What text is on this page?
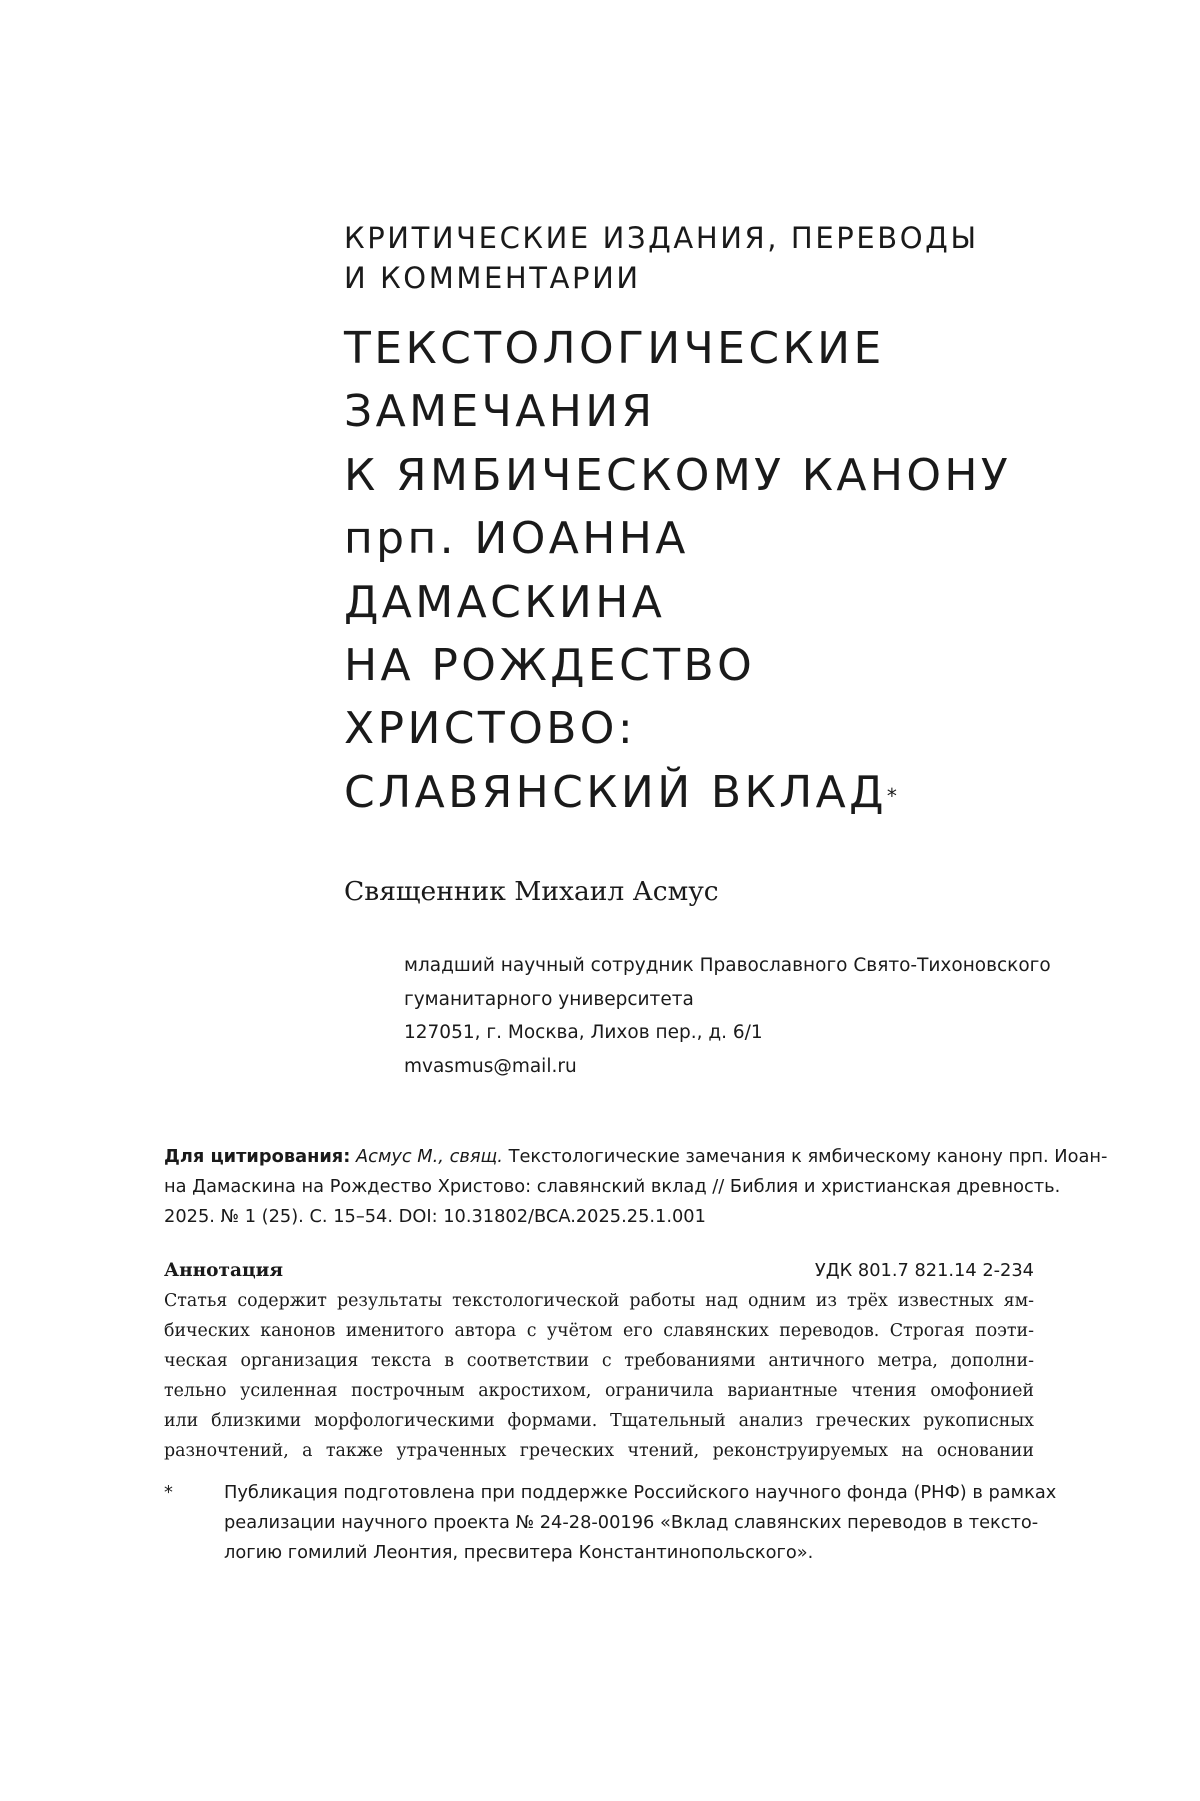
КРИТИЧЕСКИЕ ИЗДАНИЯ, ПЕРЕВОДЫ
И КОММЕНТАРИИ
ТЕКСТОЛОГИЧЕСКИЕ
ЗАМЕЧАНИЯ
К ЯМБИЧЕСКОМУ КАНОНУ
прп. ИОАННА
ДАМАСКИНА
НА РОЖДЕСТВО
ХРИСТОВО:
СЛАВЯНСКИЙ ВКЛАД*
Священник Михаил Асмус
младший научный сотрудник Православного Свято-Тихоновского
гуманитарного университета
127051, г. Москва, Лихов пер., д. 6/1
mvasmus@mail.ru

Для цитирования: Асмус М., свящ. Текстологические замечания к ямбическому канону прп. Иоан-
на Дамаскина на Рождество Христово: славянский вклад // Библия и христианская древность.
2025. № 1 (25). С. 15–54. DOI: 10.31802/BCA.2025.25.1.001

Аннотация	УДК 801.7 821.14 2-234

Статья содержит результаты текстологической работы над одним из трёх известных ям-
бических канонов именитого автора с учётом его славянских переводов. Строгая поэти-
ческая организация текста в соответствии с требованиями античного метра, дополни-
тельно усиленная построчным акростихом, ограничила вариантные чтения омофонией
или близкими морфологическими формами. Тщательный анализ греческих рукописных
разночтений, а также утраченных греческих чтений, реконструируемых на основании

*	Публикация подготовлена при поддержке Российского научного фонда (РНФ) в рамках
реализации научного проекта № 24-28-00196 «Вклад славянских переводов в тексто-
логию гомилий Леонтия, пресвитера Константинопольского».
